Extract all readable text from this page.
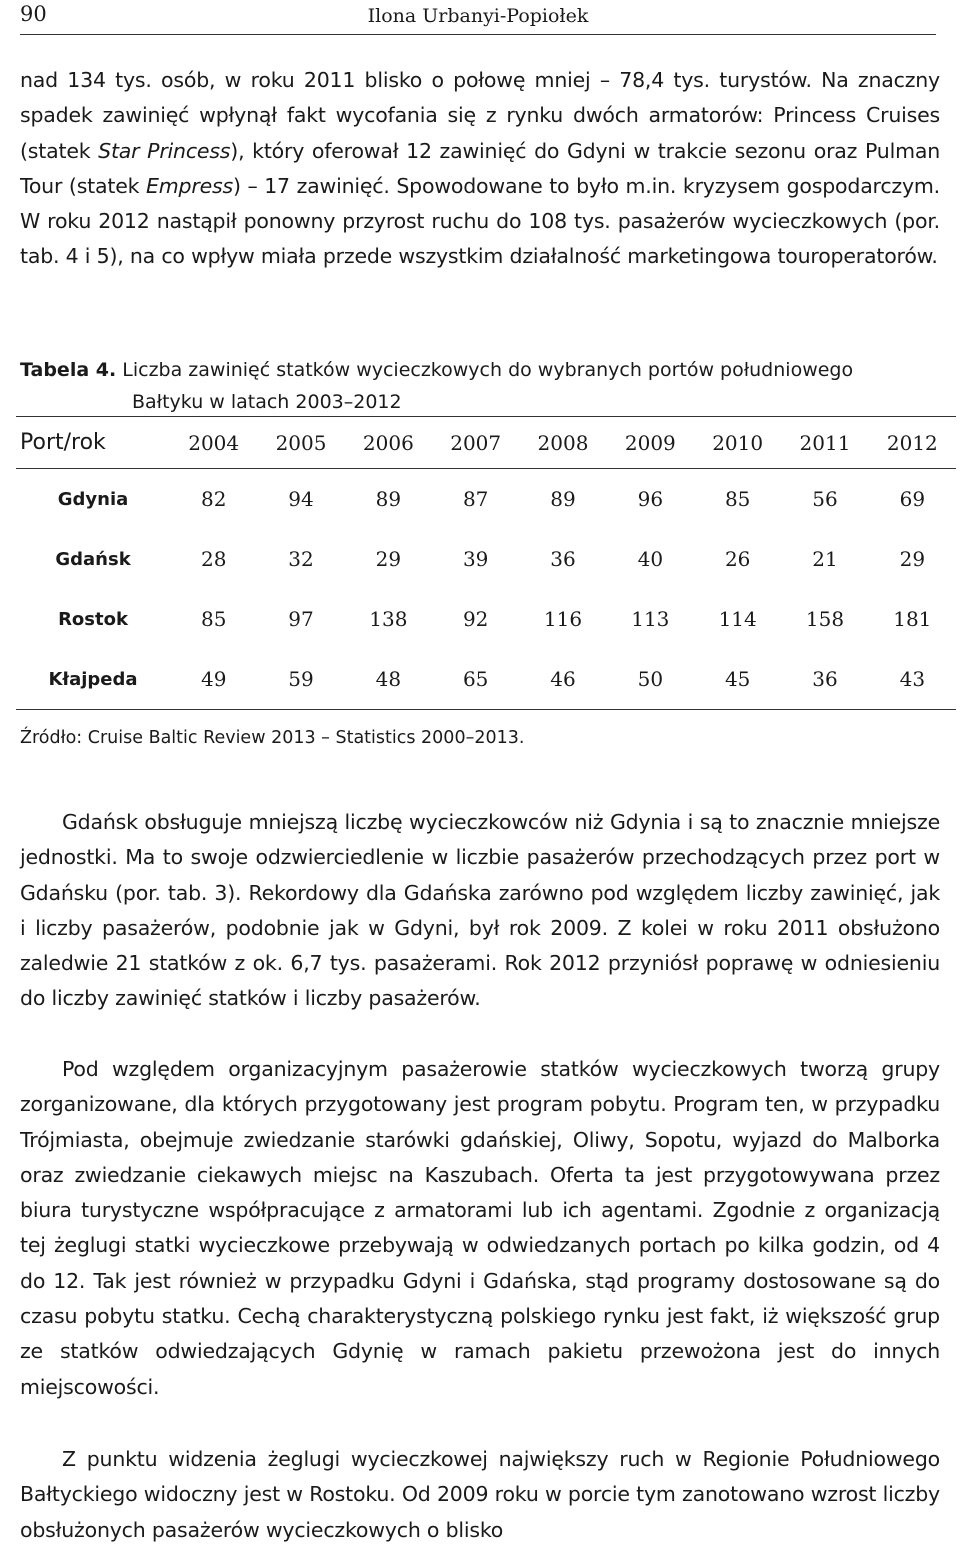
90	Ilona Urbanyi-Popiołek

nad 134 tys. osób, w roku 2011 blisko o połowę mniej – 78,4 tys. turystów. Na znaczny spadek zawinięć wpłynął fakt wycofania się z rynku dwóch armatorów: Princess Cruises (statek Star Princess), który oferował 12 zawinięć do Gdyni w trakcie sezonu oraz Pulman Tour (statek Empress) – 17 zawinięć. Spowodowane to było m.in. kryzysem gospodarczym. W roku 2012 nastąpił ponowny przyrost ruchu do 108 tys. pasażerów wycieczkowych (por. tab. 4 i 5), na co wpływ miała przede wszystkim działalność marketingowa touroperatorów.

Tabela 4. Liczba zawinięć statków wycieczkowych do wybranych portów południowego
Bałtyku w latach 2003–2012
Port/rok	2004	2005	2006	2007	2008	2009	2010	2011	2012
Gdynia	82	94	89	87	89	96	85	56	69
Gdańsk	28	32	29	39	36	40	26	21	29
Rostok	85	97	138	92	116	113	114	158	181
Kłajpeda	49	59	48	65	46	50	45	36	43
Źródło: Cruise Baltic Review 2013 – Statistics 2000–2013.

Gdańsk obsługuje mniejszą liczbę wycieczkowców niż Gdynia i są to znacznie mniejsze jednostki. Ma to swoje odzwierciedlenie w liczbie pasażerów przechodzących przez port w Gdańsku (por. tab. 3). Rekordowy dla Gdańska zarówno pod względem liczby zawinięć, jak i liczby pasażerów, podobnie jak w Gdyni, był rok 2009. Z kolei w roku 2011 obsłużono zaledwie 21 statków z ok. 6,7 tys. pasażerami. Rok 2012 przyniósł poprawę w odniesieniu do liczby zawinięć statków i liczby pasażerów.

Pod względem organizacyjnym pasażerowie statków wycieczkowych tworzą grupy zorganizowane, dla których przygotowany jest program pobytu. Program ten, w przypadku Trójmiasta, obejmuje zwiedzanie starówki gdańskiej, Oliwy, Sopotu, wyjazd do Malborka oraz zwiedzanie ciekawych miejsc na Kaszubach. Oferta ta jest przygotowywana przez biura turystyczne współpracujące z armatorami lub ich agentami. Zgodnie z organizacją tej żeglugi statki wycieczkowe przebywają w odwiedzanych portach po kilka godzin, od 4 do 12. Tak jest również w przypadku Gdyni i Gdańska, stąd programy dostosowane są do czasu pobytu statku. Cechą charakterystyczną polskiego rynku jest fakt, iż większość grup ze statków odwiedzających Gdynię w ramach pakietu przewożona jest do innych miejscowości.

Z punktu widzenia żeglugi wycieczkowej największy ruch w Regionie Południowego Bałtyckiego widoczny jest w Rostoku. Od 2009 roku w porcie tym zanotowano wzrost liczby obsłużonych pasażerów wycieczkowych o blisko
